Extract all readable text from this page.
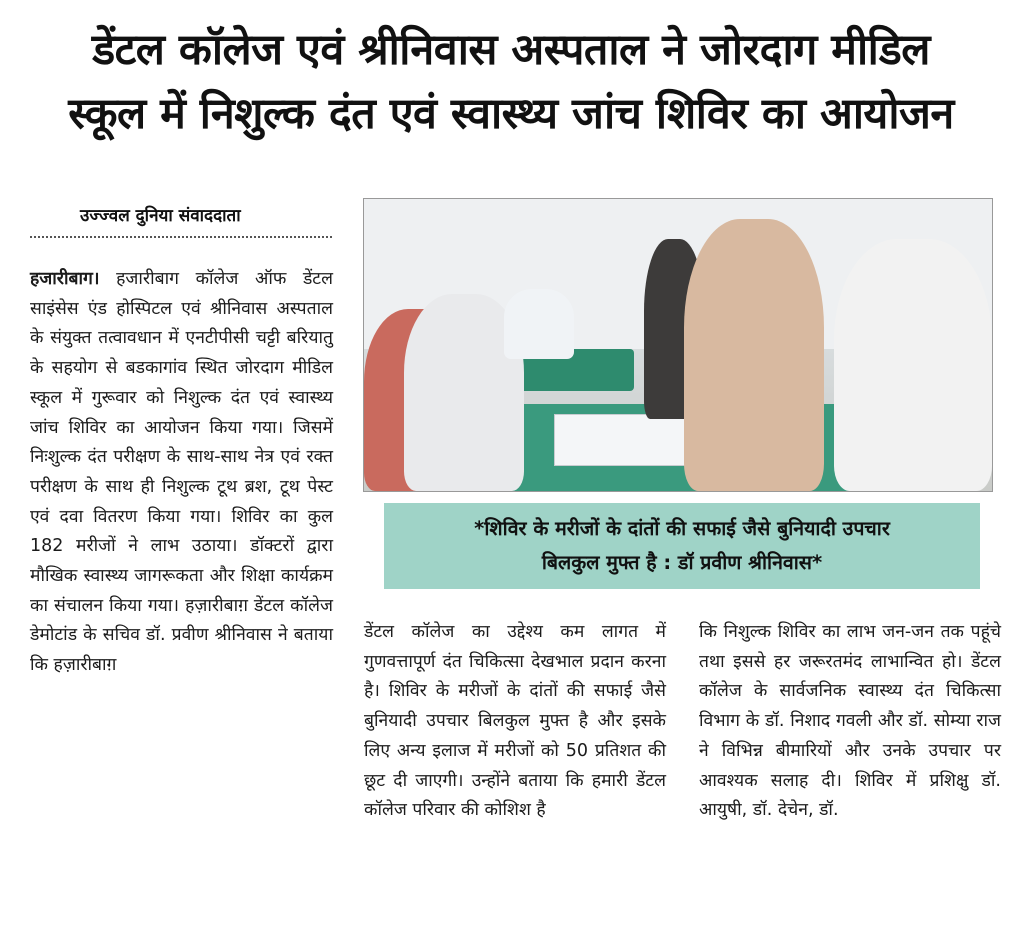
डेंटल कॉलेज एवं श्रीनिवास अस्पताल ने जोरदाग मीडिल
स्कूल में निशुल्क दंत एवं स्वास्थ्य जांच शिविर का आयोजन
उज्ज्वल दुनिया संवाददाता

हजारीबाग। हजारीबाग कॉलेज ऑफ डेंटल साइंसेस एंड होस्पिटल एवं श्रीनिवास अस्पताल के संयुक्त तत्वावधान में एनटीपीसी चट्टी बरियातु के सहयोग से बडकागांव स्थित जोरदाग मीडिल स्कूल में गुरूवार को निशुल्क दंत एवं स्वास्थ्य जांच शिविर का आयोजन किया गया। जिसमें निःशुल्क दंत परीक्षण के साथ-साथ नेत्र एवं रक्त परीक्षण के साथ ही निशुल्क टूथ ब्रश, टूथ पेस्ट एवं दवा वितरण किया गया। शिविर का कुल 182 मरीजों ने लाभ उठाया। डॉक्टरों द्वारा मौखिक स्वास्थ्य जागरूकता और शिक्षा कार्यक्रम का संचालन किया गया। हज़ारीबाग़ डेंटल कॉलेज डेमोटांड के सचिव डॉ. प्रवीण श्रीनिवास ने बताया कि हज़ारीबाग़

*शिविर के मरीजों के दांतों की सफाई जैसे बुनियादी उपचार
बिलकुल मुफ्त है : डॉ प्रवीण श्रीनिवास*

डेंटल कॉलेज का उद्देश्य कम लागत में गुणवत्तापूर्ण दंत चिकित्सा देखभाल प्रदान करना है। शिविर के मरीजों के दांतों की सफाई जैसे बुनियादी उपचार बिलकुल मुफ्त है और इसके लिए अन्य इलाज में मरीजों को 50 प्रतिशत की छूट दी जाएगी। उन्होंने बताया कि हमारी डेंटल कॉलेज परिवार की कोशिश है

कि निशुल्क शिविर का लाभ जन-जन तक पहूंचे तथा इससे हर जरूरतमंद लाभान्वित हो। डेंटल कॉलेज के सार्वजनिक स्वास्थ्य दंत चिकित्सा विभाग के डॉ. निशाद गवली और डॉ. सोम्या राज ने विभिन्न बीमारियों और उनके उपचार पर आवश्यक सलाह दी। शिविर में प्रशिक्षु डॉ. आयुषी, डॉ. देचेन, डॉ.
